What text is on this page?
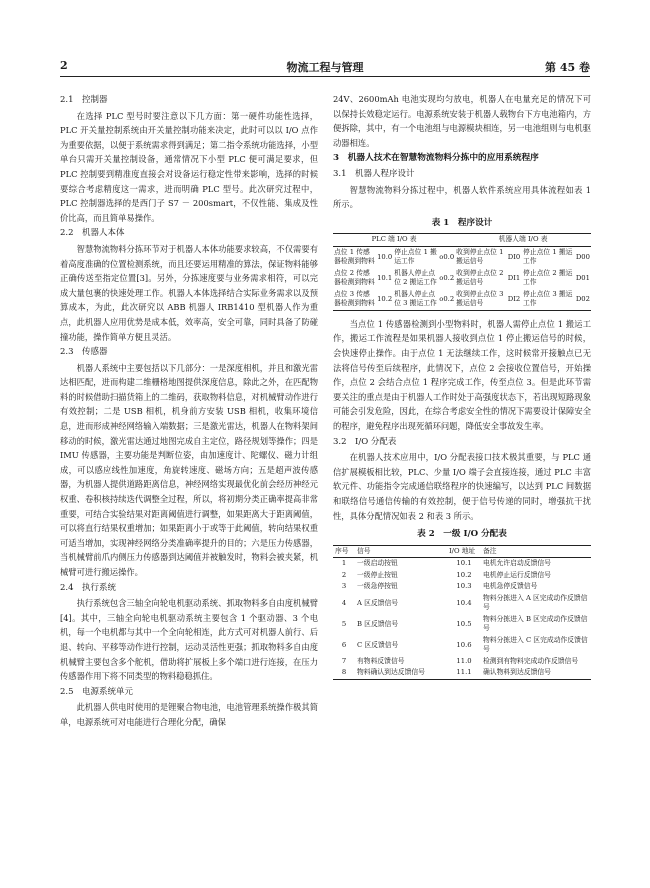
2	物流工程与管理	第 45 卷
2.1　控制器

在选择 PLC 型号时要注意以下几方面：第一硬件功能性选择，PLC 开关量控制系统由开关量控制功能来决定，此时可以以 I/O 点作为重要依据，以便于系统需求得到满足；第二指令系统功能选择，小型单台只需开关量控制设备，通常情况下小型 PLC 便可满足要求，但 PLC 控制要到精准度直接会对设备运行稳定性带来影响，选择的时候要综合考虑精度这一需求，进而明确 PLC 型号。此次研究过程中，PLC 控制器选择的是西门子 S7 － 200smart，不仅性能、集成及性价比高，而且简单易操作。

2.2　机器人本体

智慧物流物料分拣环节对于机器人本体功能要求较高，不仅需要有着高度准确的位置检测系统，而且还要运用精准的算法，保证物料能够正确传送至指定位置[3]。另外，分拣速度要与业务需求相符，可以完成大量包裹的快速处理工作。机器人本体选择结合实际业务需求以及预算成本，为此，此次研究以 ABB 机器人 IRB1410 型机器人作为重点，此机器人应用优势是成本低，效率高，安全可靠，同时具备了防碰撞功能，操作简单方便且灵活。

2.3　传感器

机器人系统中主要包括以下几部分：一是深度相机，并且和激光雷达相匹配，进而构建二维栅格地图提供深度信息，除此之外，在匹配物料的时候借助扫描货箱上的二维码，获取物料信息，对机械臂动作进行有效控制；二是 USB 相机，机身前方安装 USB 相机，收集环境信息，进而形成神经网络输入端数据；三是激光雷达，机器人在物料架间移动的时候，激光雷达通过地图完成自主定位，路径规划等操作；四是 IMU 传感器，主要功能是判断位姿，由加速度计、陀螺仪、磁力计组成，可以感应线性加速度，角旋转速度、磁场方向；五是超声波传感器，为机器人提供道路距离信息，神经网络实现最优化前会经历神经元权重、卷积核持续迭代调整全过程，所以，将初期分类正确率提高非常重要，可结合实验结果对距离阈值进行调整，如果距离大于距离阈值，可以将直行结果权重增加；如果距离小于或等于此阈值，转向结果权重可适当增加，实现神经网络分类准确率提升的目的；六是压力传感器，当机械臂前爪内侧压力传感器到达阈值并被触发时，物料会被夹紧，机械臂可进行搬运操作。

2.4　执行系统

执行系统包含三轴全向轮电机驱动系统、抓取物料多自由度机械臂[4]。其中，三轴全向轮电机驱动系统主要包含 1 个驱动器、3 个电机，每一个电机都与其中一个全向轮相连，此方式可对机器人前行、后退、转向、平移等动作进行控制，运动灵活性更强；抓取物料多自由度机械臂主要包含多个舵机，借助将扩展板上多个端口进行连接，在压力传感器作用下将不同类型的物料稳稳抓住。

2.5　电源系统单元

此机器人供电时使用的是锂聚合物电池，电池管理系统操作极其简单，电源系统可对电能进行合理化分配，确保

24V、2600mAh 电池实现均匀放电，机器人在电量充足的情况下可以保持长效稳定运行。电源系统安装于机器人载物台下方电池箱内，方便拆除，其中，有一个电池组与电源模块相连，另一电池组则与电机驱动器相连。

3　机器人技术在智慧物流物料分拣中的应用系统程序
3.1　机器人程序设计

智慧物流物料分拣过程中，机器人软件系统应用具体流程如表 1 所示。

表 1　程序设计
PLC 端 I/O 表				机器人端 I/O 表			
点位 1 传感器检测到物料	10.0	停止点位 1 搬运工作	o0.0	收到停止点位 1 搬运信号	DI0	停止点位 1 搬运工作	D00
点位 2 传感器检测到物料	10.1	机器人停止点位 2 搬运工作	o0.2	收到停止点位 2 搬运信号	DI1	停止点位 2 搬运工作	D01
点位 3 传感器检测到物料	10.2	机器人停止点位 3 搬运工作	o0.2	收到停止点位 3 搬运信号	DI2	停止点位 3 搬运工作	D02

当点位 1 传感器检测到小型物料时，机器人需停止点位 1 搬运工作，搬运工作流程是如果机器人接收到点位 1 停止搬运信号的时候，会快速停止操作。由于点位 1 无法继续工作，这时候常开接触点已无法将信号传至后续程序，此情况下，点位 2 会接收位置信号，开始操作，点位 2 会结合点位 1 程序完成工作，传至点位 3。但是此环节需要关注的重点是由于机器人工作时处于高强度状态下，若出现短路现象可能会引发危险，因此，在综合考虑安全性的情况下需要设计保障安全的程序，避免程序出现死循环问题，降低安全事故发生率。

3.2　I/O 分配表

在机器人技术应用中，I/O 分配表接口技术极其重要，与 PLC 通信扩展模板相比较，PLC、少量 I/O 端子会直接连接，通过 PLC 丰富软元件、功能指令完成通信联络程序的快速编写，以达到 PLC 间数据和联络信号通信传输的有效控制，便于信号传递的同时，增强抗干扰性，具体分配情况如表 2 和表 3 所示。

表 2　一级 I/O 分配表
序号	信号	I/O 地址	备注
1	一级启动按钮	10.1	电机允许启动反馈信号
2	一级停止按钮	10.2	电机停止运行反馈信号
3	一级急停按钮	10.3	电机急停反馈信号
4	A 区反馈信号	10.4	物料分拣进入 A 区完成动作反馈信号
5	B 区反馈信号	10.5	物料分拣进入 B 区完成动作反馈信号
6	C 区反馈信号	10.6	物料分拣进入 C 区完成动作反馈信号
7	有物料反馈信号	11.0	检测到有物料完成动作反馈信号
8	物料确认到达反馈信号	11.1	确认物料到达反馈信号
